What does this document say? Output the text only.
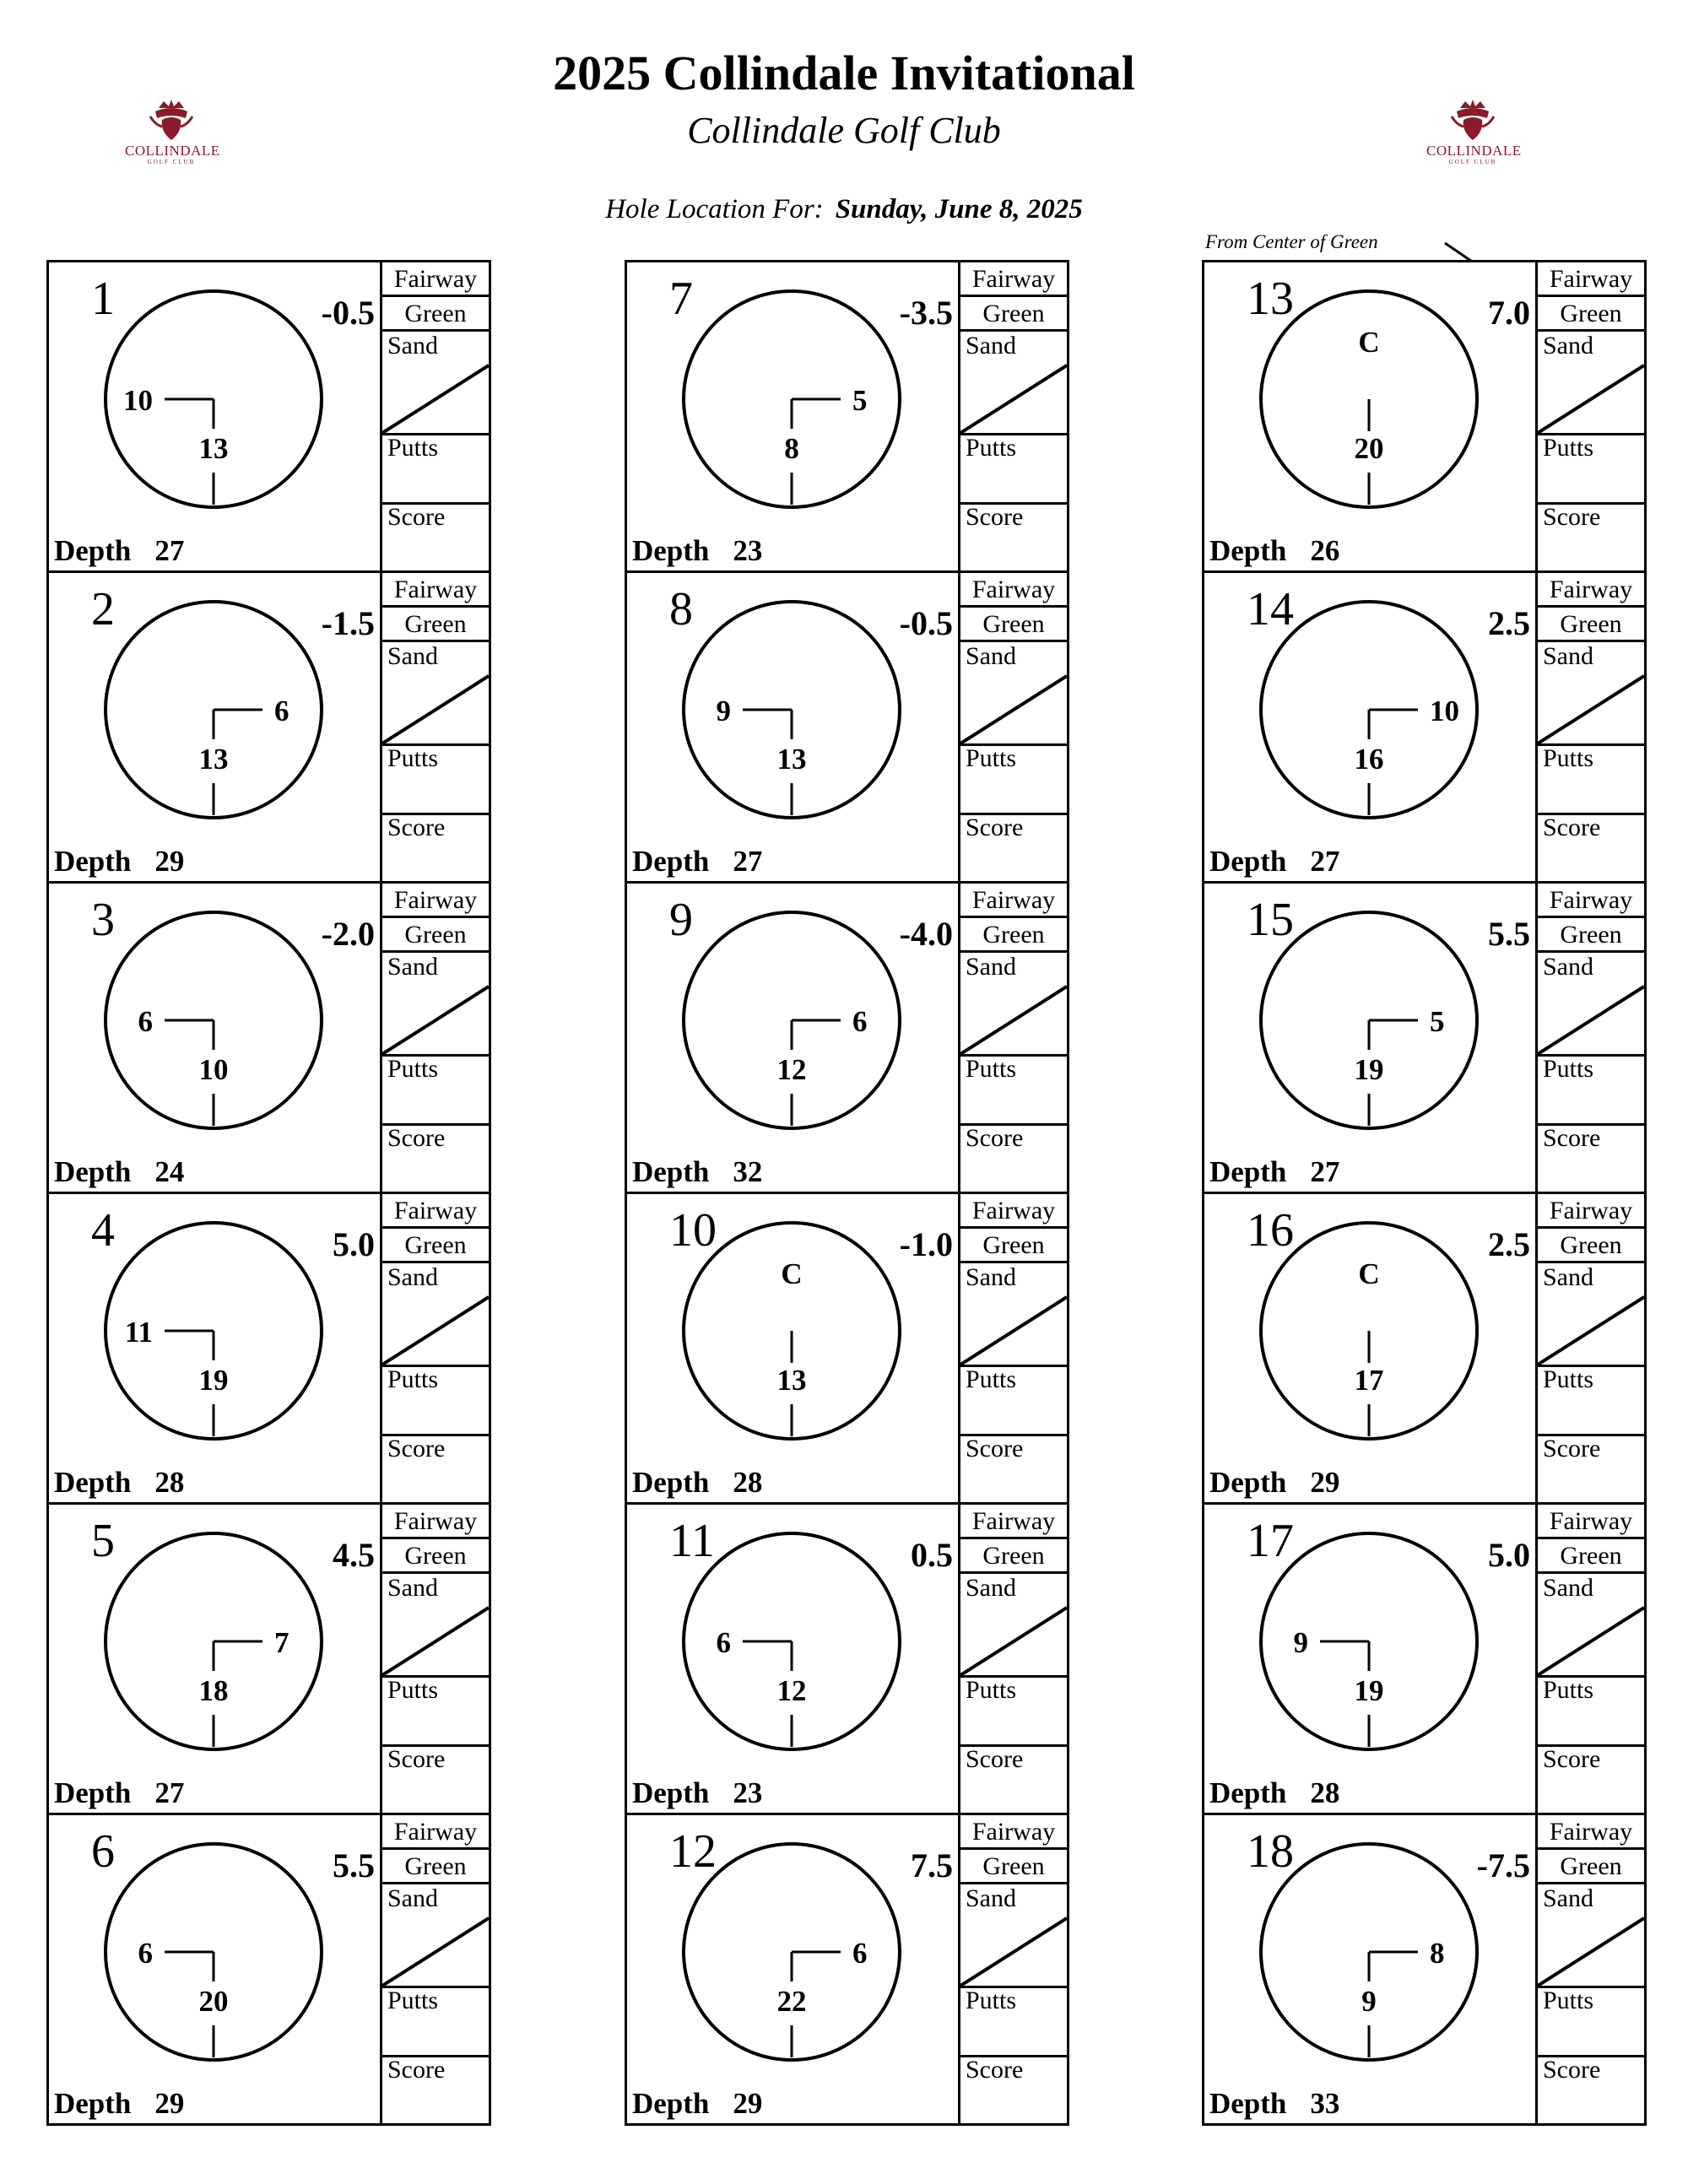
COLLINDALE
GOLF CLUB
COLLINDALE
GOLF CLUB
2025 Collindale Invitational
Collindale Golf Club
Hole Location For: Sunday, June 8, 2025
From Center of Green
13
10
1	-0.5
Depth 27
Fairway
Green
Sand
Putts
Score
13
6
2	-1.5
Depth 29
Fairway
Green
Sand
Putts
Score
10
6
3	-2.0
Depth 24
Fairway
Green
Sand
Putts
Score
19
11
4	5.0
Depth 28
Fairway
Green
Sand
Putts
Score
18
7
5	4.5
Depth 27
Fairway
Green
Sand
Putts
Score
20
6
6	5.5
Depth 29
Fairway
Green
Sand
Putts
Score
8
5
7	-3.5
Depth 23
Fairway
Green
Sand
Putts
Score
13
9
8	-0.5
Depth 27
Fairway
Green
Sand
Putts
Score
12
6
9	-4.0
Depth 32
Fairway
Green
Sand
Putts
Score
13
C
10	-1.0
Depth 28
Fairway
Green
Sand
Putts
Score
12
6
11	0.5
Depth 23
Fairway
Green
Sand
Putts
Score
22
6
12	7.5
Depth 29
Fairway
Green
Sand
Putts
Score
20
C
13	7.0
Depth 26
Fairway
Green
Sand
Putts
Score
16
10
14	2.5
Depth 27
Fairway
Green
Sand
Putts
Score
19
5
15	5.5
Depth 27
Fairway
Green
Sand
Putts
Score
17
C
16	2.5
Depth 29
Fairway
Green
Sand
Putts
Score
19
9
17	5.0
Depth 28
Fairway
Green
Sand
Putts
Score
9
8
18	-7.5
Depth 33
Fairway
Green
Sand
Putts
Score
